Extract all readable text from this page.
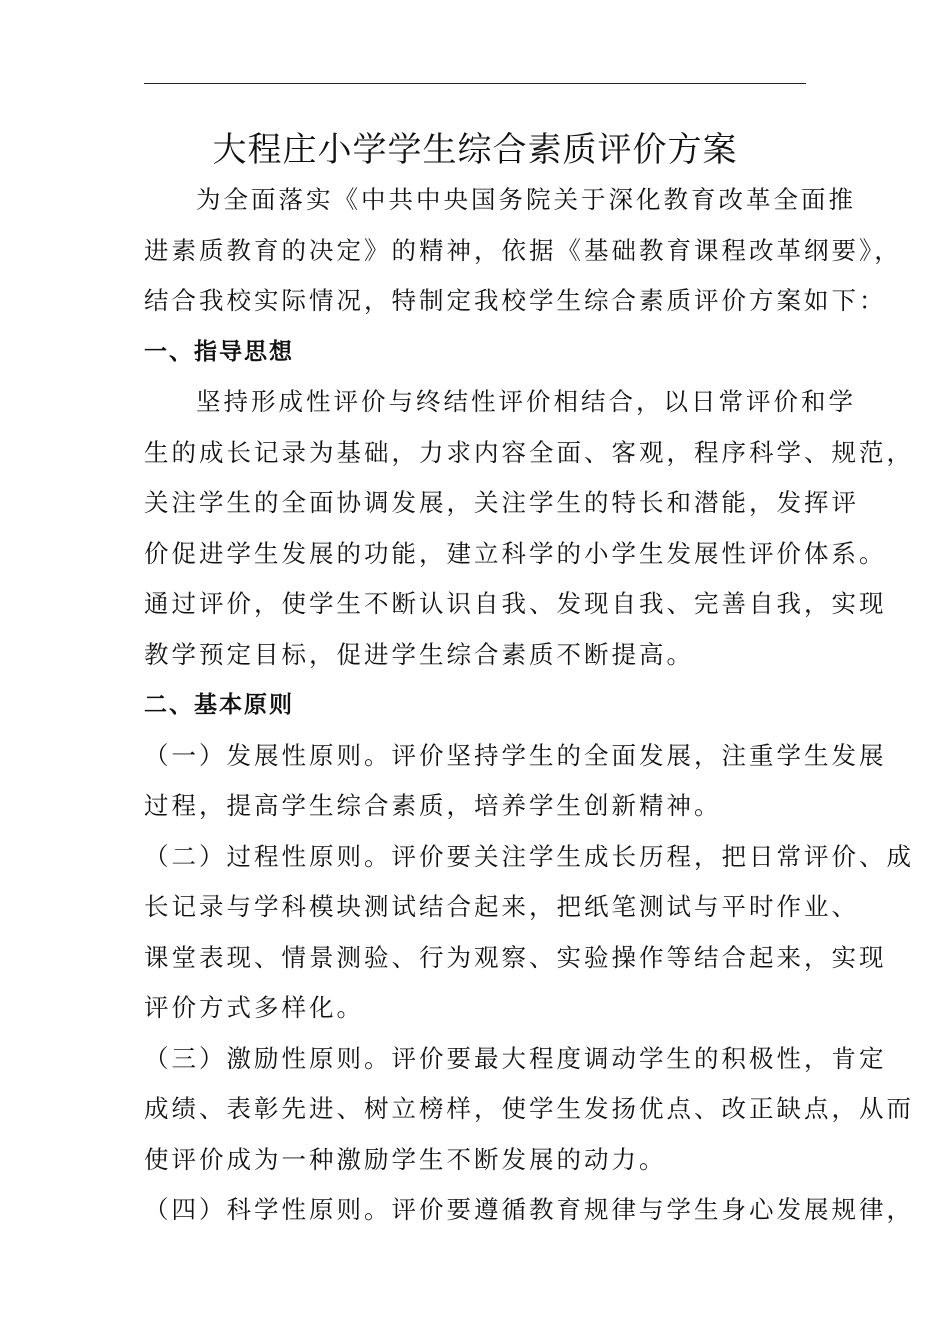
大程庄小学学生综合素质评价方案
为全面落实《中共中央国务院关于深化教育改革全面推
进素质教育的决定》的精神，依据《基础教育课程改革纲要》，
结合我校实际情况，特制定我校学生综合素质评价方案如下：
一、指导思想
坚持形成性评价与终结性评价相结合，以日常评价和学
生的成长记录为基础，力求内容全面、客观，程序科学、规范，
关注学生的全面协调发展，关注学生的特长和潜能，发挥评
价促进学生发展的功能，建立科学的小学生发展性评价体系。
通过评价，使学生不断认识自我、发现自我、完善自我，实现
教学预定目标，促进学生综合素质不断提高。
二、基本原则
（一）发展性原则。评价坚持学生的全面发展，注重学生发展
过程，提高学生综合素质，培养学生创新精神。
（二）过程性原则。评价要关注学生成长历程，把日常评价、成
长记录与学科模块测试结合起来，把纸笔测试与平时作业、
课堂表现、情景测验、行为观察、实验操作等结合起来，实现
评价方式多样化。
（三）激励性原则。评价要最大程度调动学生的积极性，肯定
成绩、表彰先进、树立榜样，使学生发扬优点、改正缺点，从而
使评价成为一种激励学生不断发展的动力。
（四）科学性原则。评价要遵循教育规律与学生身心发展规律，
